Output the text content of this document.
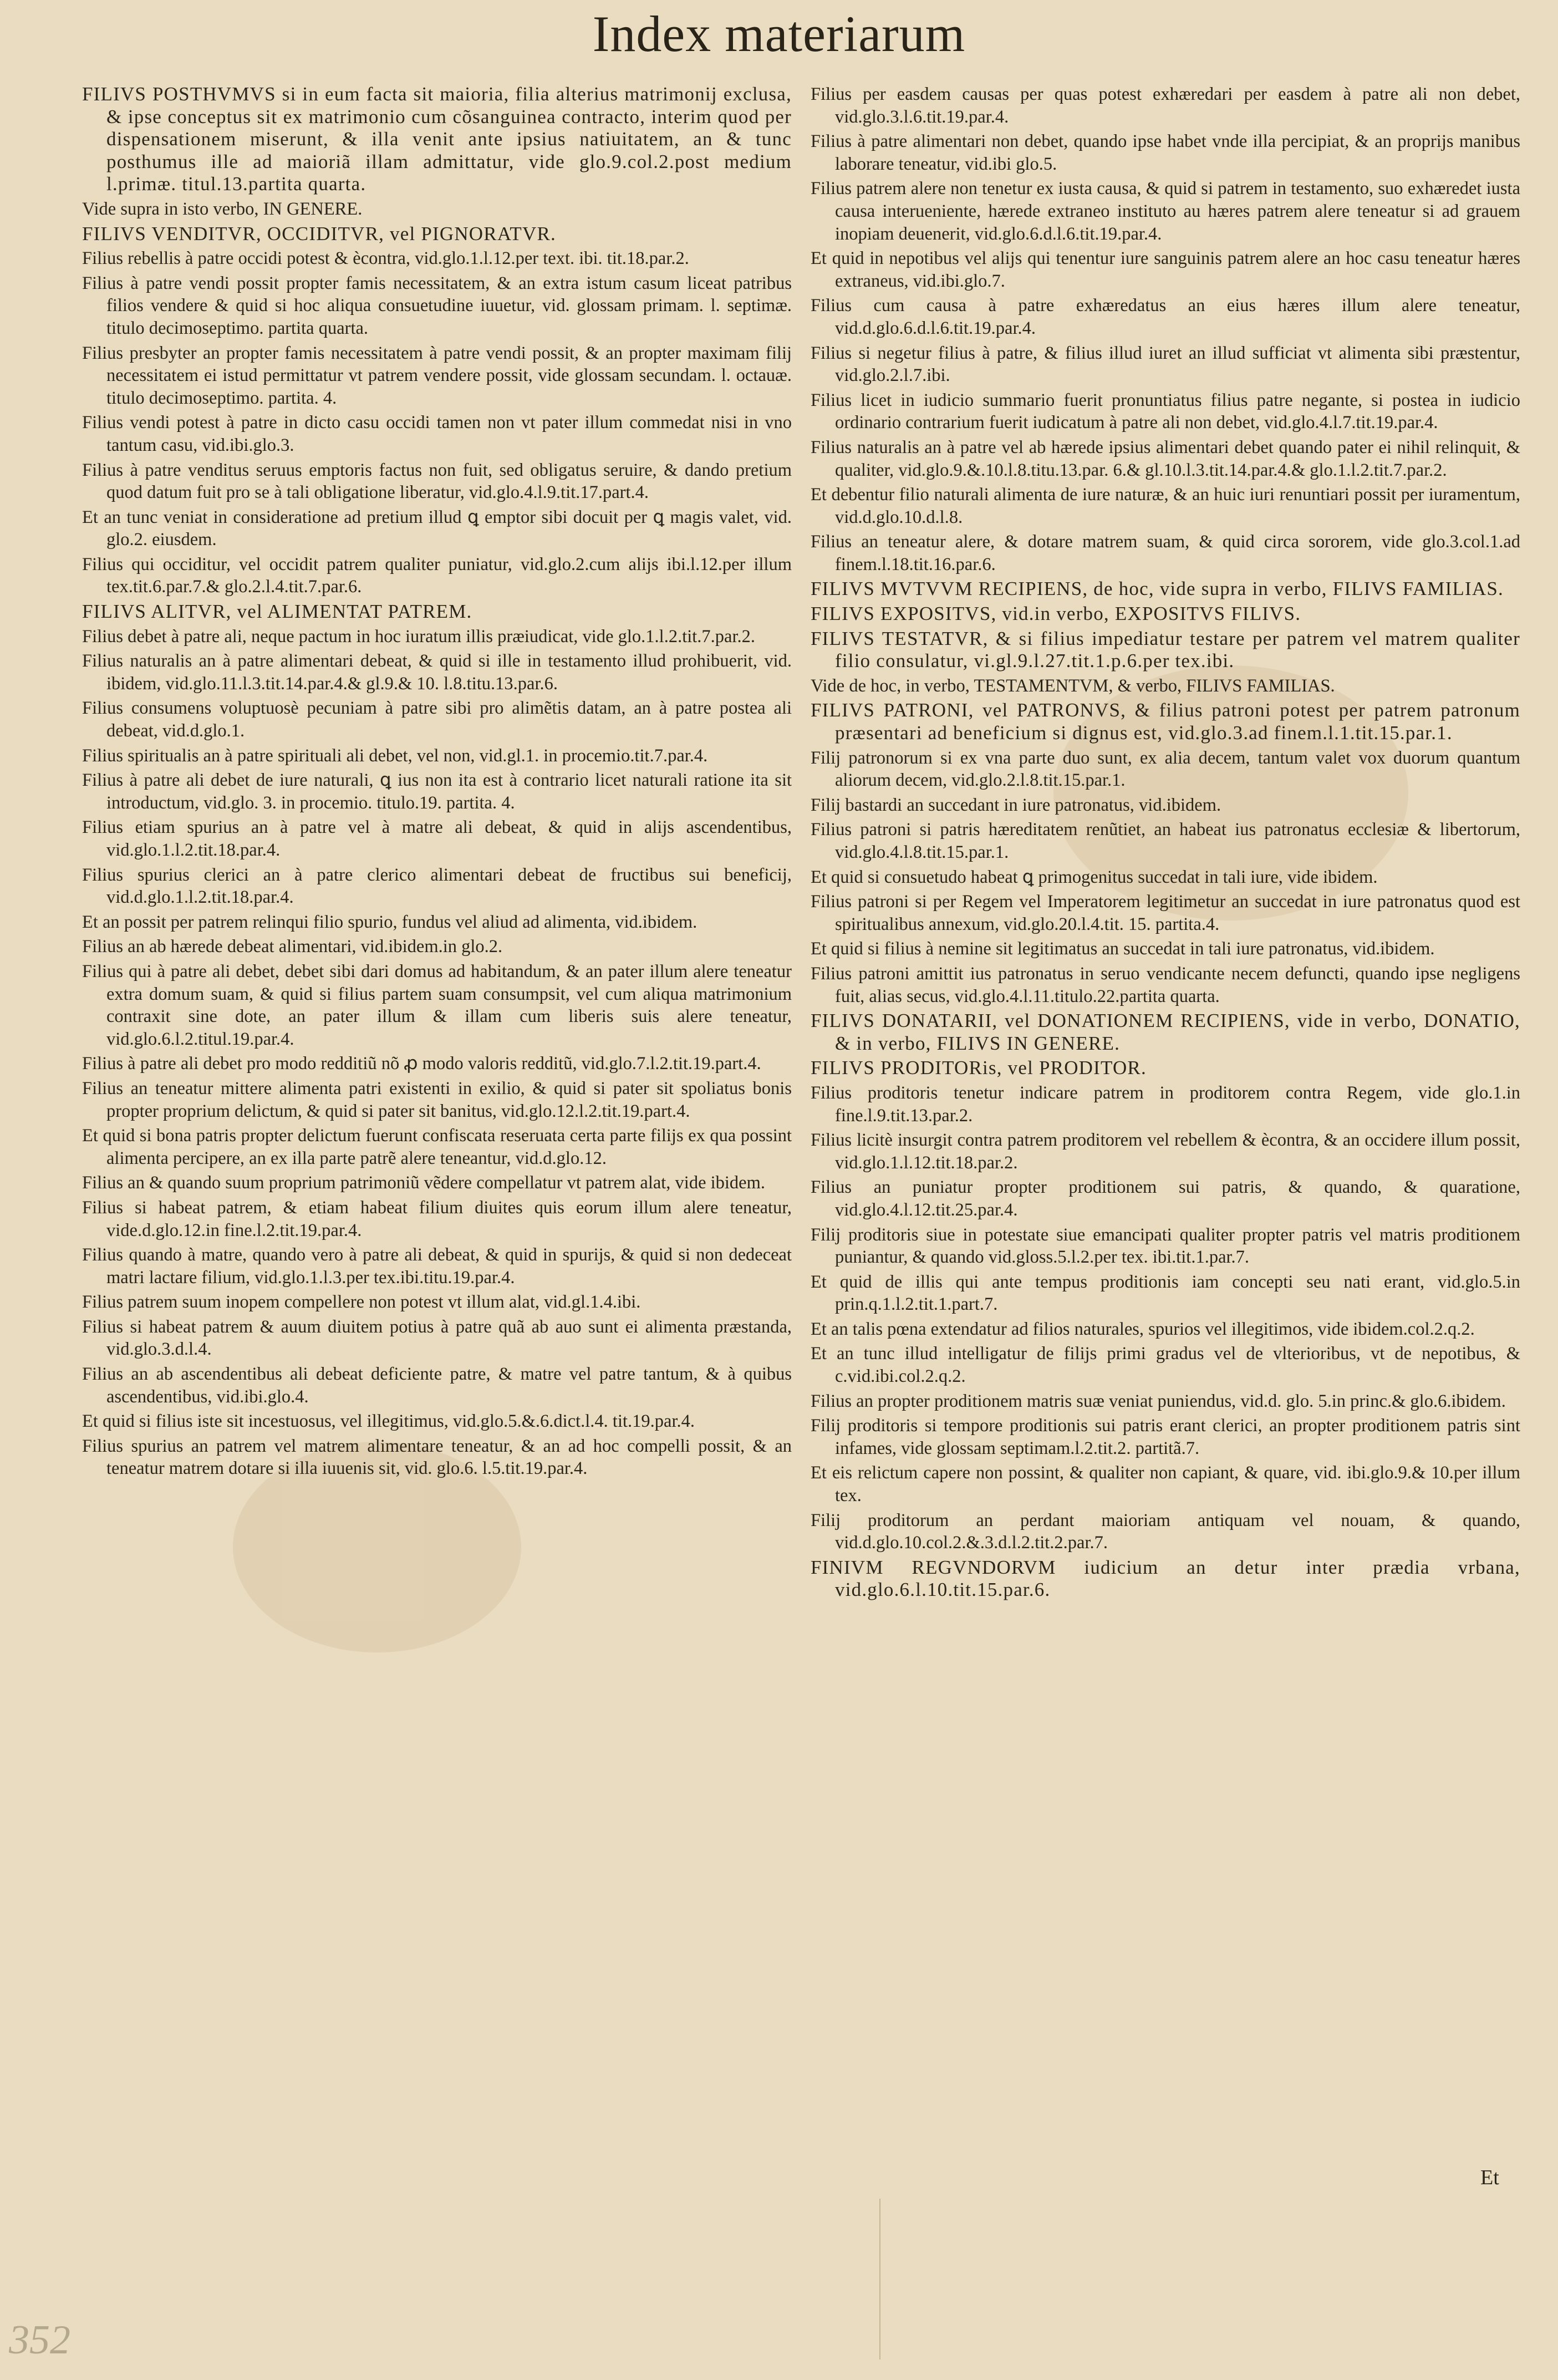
Index materiarum

FILIVS POSTHVMVS si in eum facta sit maioria, filia alterius matrimonij exclusa, & ipse conceptus sit ex matrimonio cum cõsanguinea contracto, interim quod per dispensationem miserunt, & illa venit ante ipsius natiuitatem, an & tunc posthumus ille ad maioriã illam admittatur, vide glo.9.col.2.post medium l.primæ. titul.13.partita quarta.

Vide supra in isto verbo, IN GENERE.

FILIVS VENDITVR, OCCIDITVR, vel PIGNORATVR.

Filius rebellis à patre occidi potest & ècontra, vid.glo.1.l.12.per text. ibi. tit.18.par.2.

Filius à patre vendi possit propter famis necessitatem, & an extra istum casum liceat patribus filios vendere & quid si hoc aliqua consuetudine iuuetur, vid. glossam primam. l. septimæ. titulo decimoseptimo. partita quarta.

Filius presbyter an propter famis necessitatem à patre vendi possit, & an propter maximam filij necessitatem ei istud permittatur vt patrem vendere possit, vide glossam secundam. l. octauæ. titulo decimoseptimo. partita. 4.

Filius vendi potest à patre in dicto casu occidi tamen non vt pater illum commedat nisi in vno tantum casu, vid.ibi.glo.3.

Filius à patre venditus seruus emptoris factus non fuit, sed obligatus seruire, & dando pretium quod datum fuit pro se à tali obligatione liberatur, vid.glo.4.l.9.tit.17.part.4.

Et an tunc veniat in consideratione ad pretium illud ꝗ emptor sibi docuit per ꝗ magis valet, vid. glo.2. eiusdem.

Filius qui occiditur, vel occidit patrem qualiter puniatur, vid.glo.2.cum alijs ibi.l.12.per illum tex.tit.6.par.7.& glo.2.l.4.tit.7.par.6.

FILIVS ALITVR, vel ALIMENTAT PATREM.

Filius debet à patre ali, neque pactum in hoc iuratum illis præiudicat, vide glo.1.l.2.tit.7.par.2.

Filius naturalis an à patre alimentari debeat, & quid si ille in testamento illud prohibuerit, vid. ibidem, vid.glo.11.l.3.tit.14.par.4.& gl.9.& 10. l.8.titu.13.par.6.

Filius consumens voluptuosè pecuniam à patre sibi pro alimẽtis datam, an à patre postea ali debeat, vid.d.glo.1.

Filius spiritualis an à patre spirituali ali debet, vel non, vid.gl.1. in procemio.tit.7.par.4.

Filius à patre ali debet de iure naturali, ꝗ ius non ita est à contrario licet naturali ratione ita sit introductum, vid.glo. 3. in procemio. titulo.19. partita. 4.

Filius etiam spurius an à patre vel à matre ali debeat, & quid in alijs ascendentibus, vid.glo.1.l.2.tit.18.par.4.

Filius spurius clerici an à patre clerico alimentari debeat de fructibus sui beneficij, vid.d.glo.1.l.2.tit.18.par.4.

Et an possit per patrem relinqui filio spurio, fundus vel aliud ad alimenta, vid.ibidem.

Filius an ab hærede debeat alimentari, vid.ibidem.in glo.2.

Filius qui à patre ali debet, debet sibi dari domus ad habitandum, & an pater illum alere teneatur extra domum suam, & quid si filius partem suam consumpsit, vel cum aliqua matrimonium contraxit sine dote, an pater illum & illam cum liberis suis alere teneatur, vid.glo.6.l.2.titul.19.par.4.

Filius à patre ali debet pro modo redditiũ nõ ꝓ modo valoris redditũ, vid.glo.7.l.2.tit.19.part.4.

Filius an teneatur mittere alimenta patri existenti in exilio, & quid si pater sit spoliatus bonis propter proprium delictum, & quid si pater sit banitus, vid.glo.12.l.2.tit.19.part.4.

Et quid si bona patris propter delictum fuerunt confiscata reseruata certa parte filijs ex qua possint alimenta percipere, an ex illa parte patrẽ alere teneantur, vid.d.glo.12.

Filius an & quando suum proprium patrimoniũ vẽdere compellatur vt patrem alat, vide ibidem.

Filius si habeat patrem, & etiam habeat filium diuites quis eorum illum alere teneatur, vide.d.glo.12.in fine.l.2.tit.19.par.4.

Filius quando à matre, quando vero à patre ali debeat, & quid in spurijs, & quid si non dedeceat matri lactare filium, vid.glo.1.l.3.per tex.ibi.titu.19.par.4.

Filius patrem suum inopem compellere non potest vt illum alat, vid.gl.1.4.ibi.

Filius si habeat patrem & auum diuitem potius à patre quã ab auo sunt ei alimenta præstanda, vid.glo.3.d.l.4.

Filius an ab ascendentibus ali debeat deficiente patre, & matre vel patre tantum, & à quibus ascendentibus, vid.ibi.glo.4.

Et quid si filius iste sit incestuosus, vel illegitimus, vid.glo.5.&.6.dict.l.4. tit.19.par.4.

Filius spurius an patrem vel matrem alimentare teneatur, & an ad hoc compelli possit, & an teneatur matrem dotare si illa iuuenis sit, vid. glo.6. l.5.tit.19.par.4.

Filius per easdem causas per quas potest exhæredari per easdem à patre ali non debet, vid.glo.3.l.6.tit.19.par.4.

Filius à patre alimentari non debet, quando ipse habet vnde illa percipiat, & an proprijs manibus laborare teneatur, vid.ibi glo.5.

Filius patrem alere non tenetur ex iusta causa, & quid si patrem in testamento, suo exhæredet iusta causa interueniente, hærede extraneo instituto au hæres patrem alere teneatur si ad grauem inopiam deuenerit, vid.glo.6.d.l.6.tit.19.par.4.

Et quid in nepotibus vel alijs qui tenentur iure sanguinis patrem alere an hoc casu teneatur hæres extraneus, vid.ibi.glo.7.

Filius cum causa à patre exhæredatus an eius hæres illum alere teneatur, vid.d.glo.6.d.l.6.tit.19.par.4.

Filius si negetur filius à patre, & filius illud iuret an illud sufficiat vt alimenta sibi præstentur, vid.glo.2.l.7.ibi.

Filius licet in iudicio summario fuerit pronuntiatus filius patre negante, si postea in iudicio ordinario contrarium fuerit iudicatum à patre ali non debet, vid.glo.4.l.7.tit.19.par.4.

Filius naturalis an à patre vel ab hærede ipsius alimentari debet quando pater ei nihil relinquit, & qualiter, vid.glo.9.&.10.l.8.titu.13.par. 6.& gl.10.l.3.tit.14.par.4.& glo.1.l.2.tit.7.par.2.

Et debentur filio naturali alimenta de iure naturæ, & an huic iuri renuntiari possit per iuramentum, vid.d.glo.10.d.l.8.

Filius an teneatur alere, & dotare matrem suam, & quid circa sororem, vide glo.3.col.1.ad finem.l.18.tit.16.par.6.

FILIVS MVTVVM RECIPIENS, de hoc, vide supra in verbo, FILIVS FAMILIAS.

FILIVS EXPOSITVS, vid.in verbo, EXPOSITVS FILIVS.

FILIVS TESTATVR, & si filius impediatur testare per patrem vel matrem qualiter filio consulatur, vi.gl.9.l.27.tit.1.p.6.per tex.ibi.

Vide de hoc, in verbo, TESTAMENTVM, & verbo, FILIVS FAMILIAS.

FILIVS PATRONI, vel PATRONVS, & filius patroni potest per patrem patronum præsentari ad beneficium si dignus est, vid.glo.3.ad finem.l.1.tit.15.par.1.

Filij patronorum si ex vna parte duo sunt, ex alia decem, tantum valet vox duorum quantum aliorum decem, vid.glo.2.l.8.tit.15.par.1.

Filij bastardi an succedant in iure patronatus, vid.ibidem.

Filius patroni si patris hæreditatem renũtiet, an habeat ius patronatus ecclesiæ & libertorum, vid.glo.4.l.8.tit.15.par.1.

Et quid si consuetudo habeat ꝗ primogenitus succedat in tali iure, vide ibidem.

Filius patroni si per Regem vel Imperatorem legitimetur an succedat in iure patronatus quod est spiritualibus annexum, vid.glo.20.l.4.tit. 15. partita.4.

Et quid si filius à nemine sit legitimatus an succedat in tali iure patronatus, vid.ibidem.

Filius patroni amittit ius patronatus in seruo vendicante necem defuncti, quando ipse negligens fuit, alias secus, vid.glo.4.l.11.titulo.22.partita quarta.

FILIVS DONATARII, vel DONATIONEM RECIPIENS, vide in verbo, DONATIO, & in verbo, FILIVS IN GENERE.

FILIVS PRODITORis, vel PRODITOR.

Filius proditoris tenetur indicare patrem in proditorem contra Regem, vide glo.1.in fine.l.9.tit.13.par.2.

Filius licitè insurgit contra patrem proditorem vel rebellem & ècontra, & an occidere illum possit, vid.glo.1.l.12.tit.18.par.2.

Filius an puniatur propter proditionem sui patris, & quando, & quaratione, vid.glo.4.l.12.tit.25.par.4.

Filij proditoris siue in potestate siue emancipati qualiter propter patris vel matris proditionem puniantur, & quando vid.gloss.5.l.2.per tex. ibi.tit.1.par.7.

Et quid de illis qui ante tempus proditionis iam concepti seu nati erant, vid.glo.5.in prin.q.1.l.2.tit.1.part.7.

Et an talis pœna extendatur ad filios naturales, spurios vel illegitimos, vide ibidem.col.2.q.2.

Et an tunc illud intelligatur de filijs primi gradus vel de vlterioribus, vt de nepotibus, & c.vid.ibi.col.2.q.2.

Filius an propter proditionem matris suæ veniat puniendus, vid.d. glo. 5.in princ.& glo.6.ibidem.

Filij proditoris si tempore proditionis sui patris erant clerici, an propter proditionem patris sint infames, vide glossam septimam.l.2.tit.2. partitã.7.

Et eis relictum capere non possint, & qualiter non capiant, & quare, vid. ibi.glo.9.& 10.per illum tex.

Filij proditorum an perdant maioriam antiquam vel nouam, & quando, vid.d.glo.10.col.2.&.3.d.l.2.tit.2.par.7.

FINIVM REGVNDORVM iudicium an detur inter prædia vrbana, vid.glo.6.l.10.tit.15.par.6.

Et
352
